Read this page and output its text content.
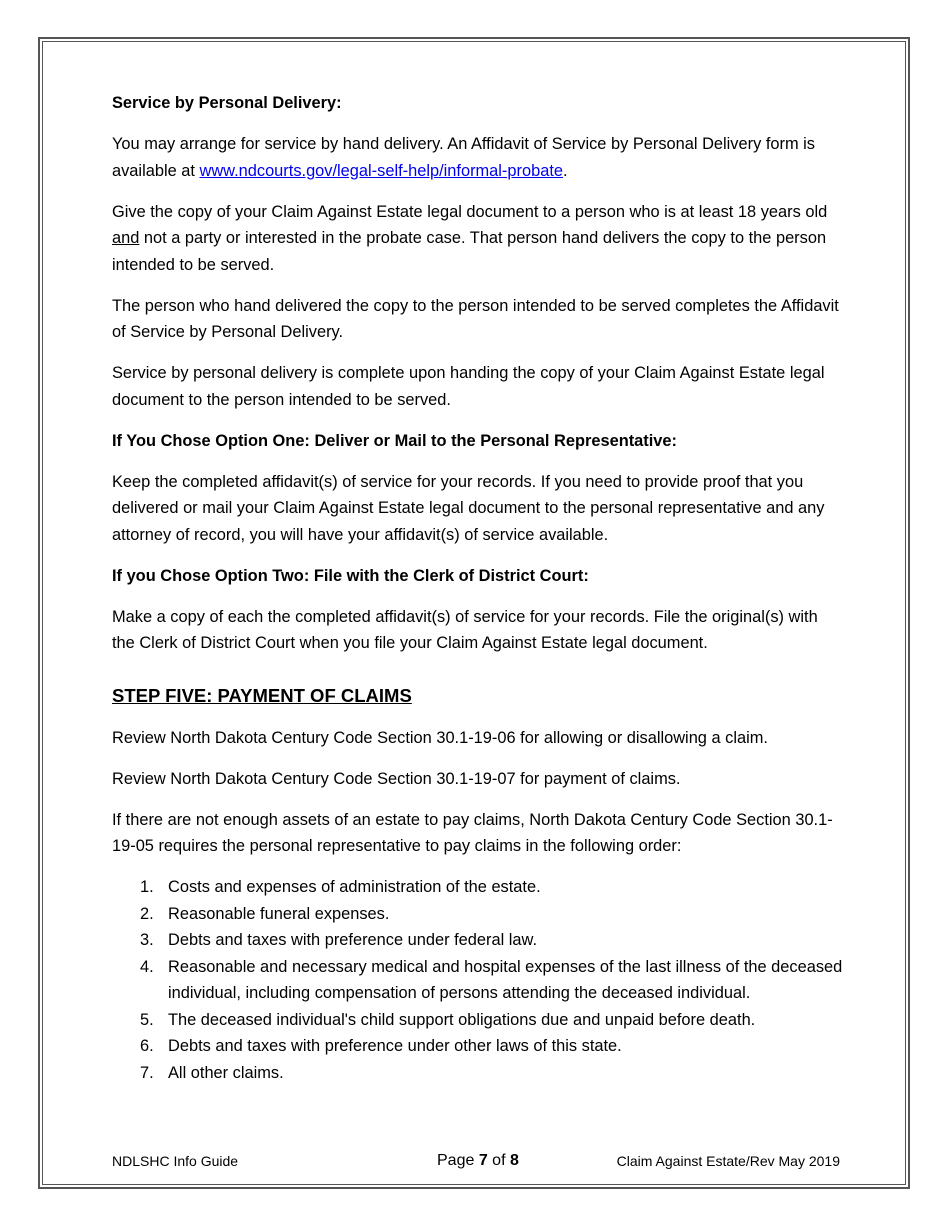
Service by Personal Delivery:

You may arrange for service by hand delivery. An Affidavit of Service by Personal Delivery form is available at www.ndcourts.gov/legal-self-help/informal-probate.

Give the copy of your Claim Against Estate legal document to a person who is at least 18 years old and not a party or interested in the probate case. That person hand delivers the copy to the person intended to be served.

The person who hand delivered the copy to the person intended to be served completes the Affidavit of Service by Personal Delivery.

Service by personal delivery is complete upon handing the copy of your Claim Against Estate legal document to the person intended to be served.

If You Chose Option One: Deliver or Mail to the Personal Representative:

Keep the completed affidavit(s) of service for your records. If you need to provide proof that you delivered or mail your Claim Against Estate legal document to the personal representative and any attorney of record, you will have your affidavit(s) of service available.

If you Chose Option Two: File with the Clerk of District Court:

Make a copy of each the completed affidavit(s) of service for your records. File the original(s) with the Clerk of District Court when you file your Claim Against Estate legal document.

STEP FIVE: PAYMENT OF CLAIMS

Review North Dakota Century Code Section 30.1-19-06 for allowing or disallowing a claim.

Review North Dakota Century Code Section 30.1-19-07 for payment of claims.

If there are not enough assets of an estate to pay claims, North Dakota Century Code Section 30.1-19-05 requires the personal representative to pay claims in the following order:

1. Costs and expenses of administration of the estate.
2. Reasonable funeral expenses.
3. Debts and taxes with preference under federal law.
4. Reasonable and necessary medical and hospital expenses of the last illness of the deceased individual, including compensation of persons attending the deceased individual.
5. The deceased individual's child support obligations due and unpaid before death.
6. Debts and taxes with preference under other laws of this state.
7. All other claims.
NDLSHC Info Guide	Page 7 of 8	Claim Against Estate/Rev May 2019
